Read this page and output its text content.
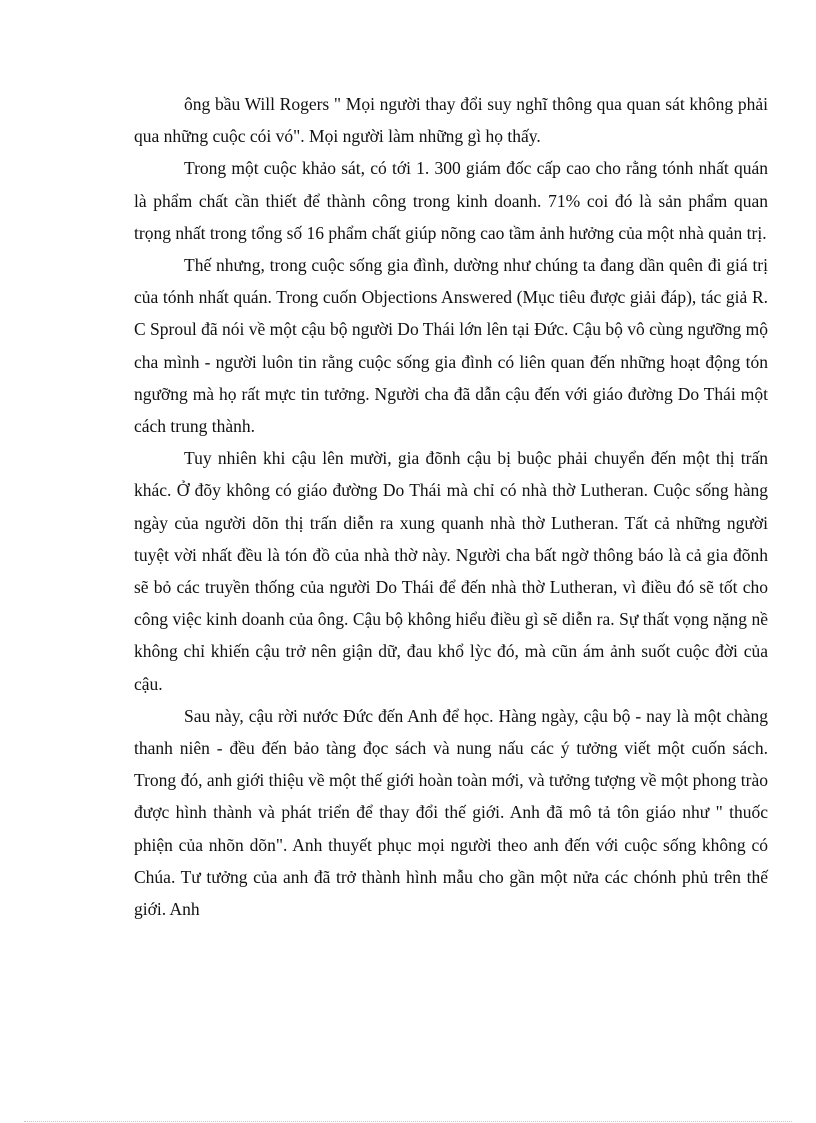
ông bầu Will Rogers " Mọi người thay đổi suy nghĩ thông qua quan sát không phải qua những cuộc cói vó". Mọi người làm những gì họ thấy.

Trong một cuộc khảo sát, có tới 1. 300 giám đốc cấp cao cho rằng tónh nhất quán là phẩm chất cần thiết để thành công trong kinh doanh. 71% coi đó là sản phẩm quan trọng nhất trong tổng số 16 phẩm chất giúp nõng cao tầm ảnh hưởng của một nhà quản trị.

Thế nhưng, trong cuộc sống gia đình, dường như chúng ta đang dần quên đi giá trị của tónh nhất quán. Trong cuốn Objections Answered (Mục tiêu được giải đáp), tác giả R. C Sproul đã nói về một cậu bộ người Do Thái lớn lên tại Đức. Cậu bộ vô cùng ngưỡng mộ cha mình - người luôn tin rằng cuộc sống gia đình có liên quan đến những hoạt động tón ngưỡng mà họ rất mực tin tưởng. Người cha đã dẫn cậu đến với giáo đường Do Thái một cách trung thành.

Tuy nhiên khi cậu lên mười, gia đõnh cậu bị buộc phải chuyển đến một thị trấn khác. Ở đõy không có giáo đường Do Thái mà chỉ có nhà thờ Lutheran. Cuộc sống hàng ngày của người dõn thị trấn diễn ra xung quanh nhà thờ Lutheran. Tất cả những người tuyệt vời nhất đều là tón đồ của nhà thờ này. Người cha bất ngờ thông báo là cả gia đõnh sẽ bỏ các truyền thống của người Do Thái để đến nhà thờ Lutheran, vì điều đó sẽ tốt cho công việc kinh doanh của ông. Cậu bộ không hiểu điều gì sẽ diễn ra. Sự thất vọng nặng nề không chỉ khiến cậu trở nên giận dữ, đau khổ lỳc đó, mà cũn ám ảnh suốt cuộc đời của cậu.

Sau này, cậu rời nước Đức đến Anh để học. Hàng ngày, cậu bộ - nay là một chàng thanh niên - đều đến bảo tàng đọc sách và nung nấu các ý tưởng viết một cuốn sách. Trong đó, anh giới thiệu về một thế giới hoàn toàn mới, và tưởng tượng về một phong trào được hình thành và phát triển để thay đổi thế giới. Anh đã mô tả tôn giáo như " thuốc phiện của nhõn dõn". Anh thuyết phục mọi người theo anh đến với cuộc sống không có Chúa. Tư tưởng của anh đã trở thành hình mẫu cho gần một nửa các chónh phủ trên thế giới. Anh
